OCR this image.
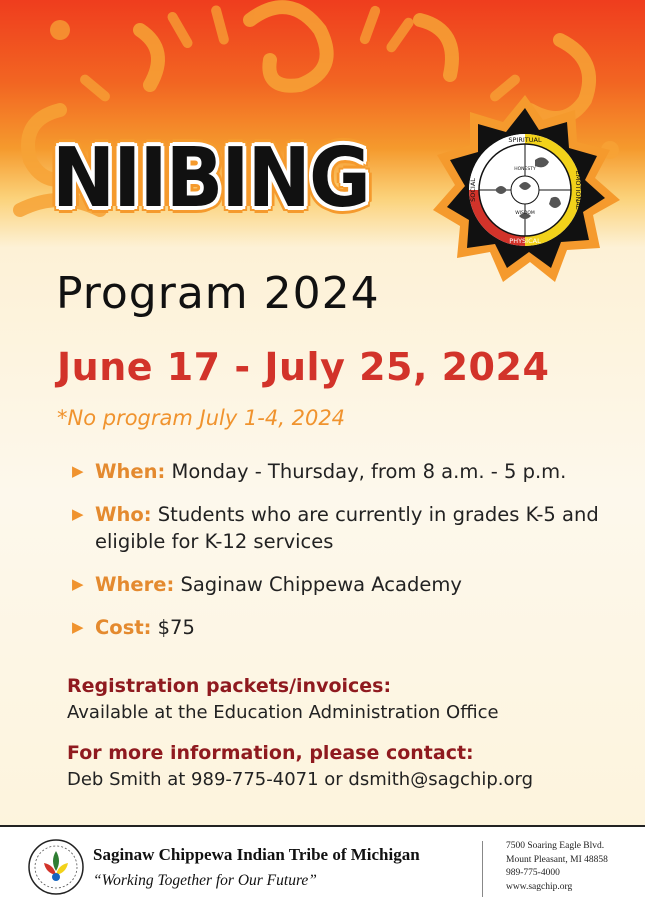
SPIRITUAL
HONESTY
WISDOM
PHYSICAL
SOCIAL	EMOTIONAL
NIIBING
Program 2024
June 17 - July 25, 2024
*No program July 1-4, 2024
▶ When: Monday - Thursday, from 8 a.m. - 5 p.m.
▶ Who: Students who are currently in grades K-5 and eligible for K-12 services
▶ Where: Saginaw Chippewa Academy
▶ Cost: $75
Registration packets/invoices:
Available at the Education Administration Office
For more information, please contact:
Deb Smith at 989-775-4071 or dsmith@sagchip.org
Saginaw Chippewa Indian Tribe of Michigan
“Working Together for Our Future”
7500 Soaring Eagle Blvd.
Mount Pleasant, MI 48858
989-775-4000
www.sagchip.org
